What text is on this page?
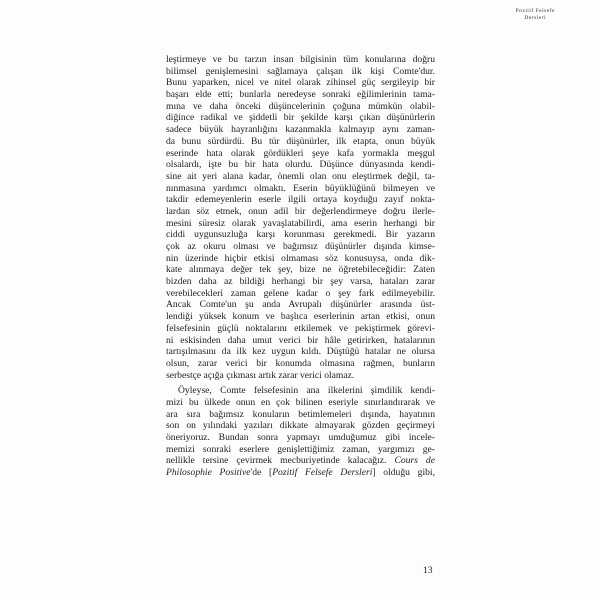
Pozitif Felsefe
Dersleri
leştirmeye ve bu tarzın insan bilgisinin tüm konularına doğru
bilimsel genişlemesini sağlamaya çalışan ilk kişi Comte'dur.
Bunu yaparken, nicel ve nitel olarak zihinsel güç sergileyip bir
başarı elde etti; bunlarla neredeyse sonraki eğilimlerinin tama-
mına ve daha önceki düşüncelerinin çoğuna mümkün olabil-
diğince radikal ve şiddetli bir şekilde karşı çıkan düşünürlerin
sadece büyük hayranlığını kazanmakla kalmayıp aynı zaman-
da bunu sürdürdü. Bu tür düşünürler, ilk etapta, onun büyük
eserinde hata olarak gördükleri şeye kafa yormakla meşgul
olsalardı, işte bu bir hata olurdu. Düşünce dünyasında kendi-
sine ait yeri alana kadar, önemli olan onu eleştirmek değil, ta-
nınmasına yardımcı olmaktı. Eserin büyüklüğünü bilmeyen ve
takdir edemeyenlerin eserle ilgili ortaya koyduğu zayıf nokta-
lardan söz etmek, onun adil bir değerlendirmeye doğru ilerle-
mesini süresiz olarak yavaşlatabilirdi, ama eserin herhangi bir
ciddi uygunsuzluğa karşı korunması gerekmedi. Bir yazarın
çok az okuru olması ve bağımsız düşünürler dışında kimse-
nin üzerinde hiçbir etkisi olmaması söz konusuysa, onda dik-
kate alınmaya değer tek şey, bize ne öğretebileceğidir: Zaten
bizden daha az bildiği herhangi bir şey varsa, hataları zarar
verebilecekleri zaman gelene kadar o şey fark edilmeyebilir.
Ancak Comte'un şu anda Avrupalı düşünürler arasında üst-
lendiği yüksek konum ve başlıca eserlerinin artan etkisi, onun
felsefesinin güçlü noktalarını etkilemek ve pekiştirmek görevi-
ni eskisinden daha umut verici bir hâle getirirken, hatalarının
tartışılmasını da ilk kez uygun kıldı. Düştüğü hatalar ne olursa
olsun, zarar verici bir konumda olmasına rağmen, bunların
serbestçe açığa çıkması artık zarar verici olamaz.
Öyleyse, Comte felsefesinin ana ilkelerini şimdilik kendi-
mizi bu ülkede onun en çok bilinen eseriyle sınırlandırarak ve
ara sıra bağımsız konuların betimlemeleri dışında, hayatının
son on yılındaki yazıları dikkate almayarak gözden geçirmeyi
öneriyoruz. Bundan sonra yapmayı umduğumuz gibi incele-
memizi sonraki eserlere genişlettiğimiz zaman, yargımızı ge-
nellikle tersine çevirmek mecburiyetinde kalacağız. Cours de
Philosophie Positive'de [Pozitif Felsefe Dersleri] olduğu gibi,
13
